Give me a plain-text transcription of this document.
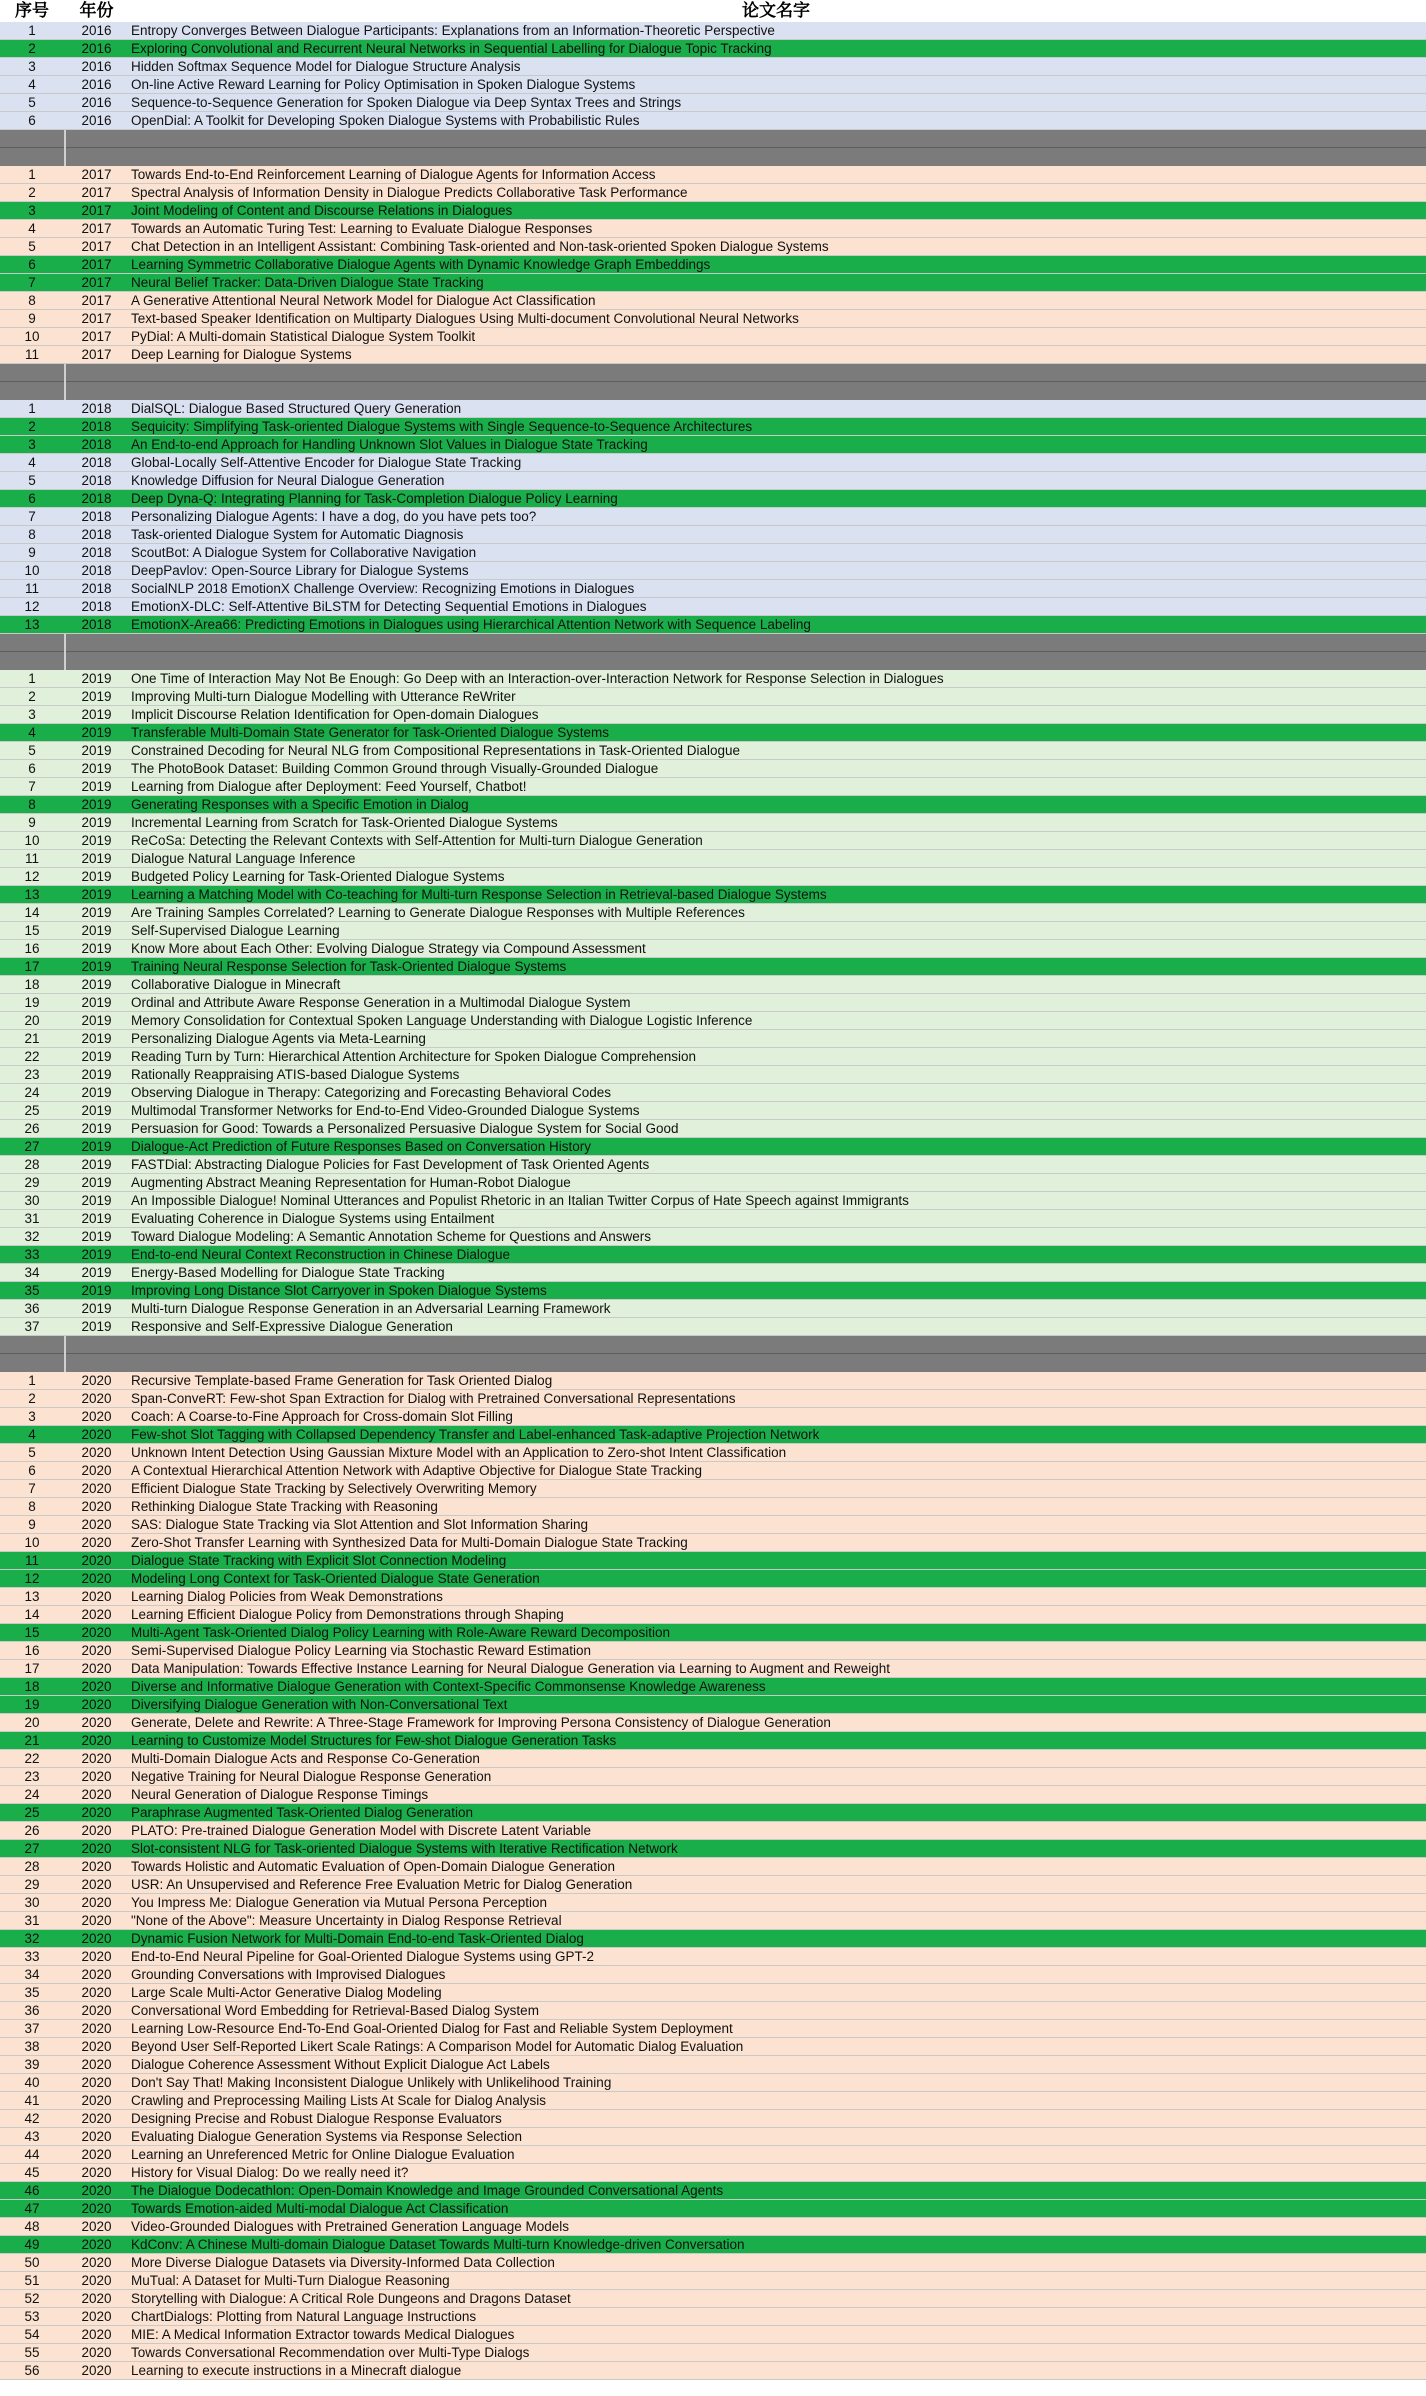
序号	年份	论文名字
1	2016	Entropy Converges Between Dialogue Participants: Explanations from an Information-Theoretic Perspective
2	2016	Exploring Convolutional and Recurrent Neural Networks in Sequential Labelling for Dialogue Topic Tracking
3	2016	Hidden Softmax Sequence Model for Dialogue Structure Analysis
4	2016	On-line Active Reward Learning for Policy Optimisation in Spoken Dialogue Systems
5	2016	Sequence-to-Sequence Generation for Spoken Dialogue via Deep Syntax Trees and Strings
6	2016	OpenDial: A Toolkit for Developing Spoken Dialogue Systems with Probabilistic Rules
1	2017	Towards End-to-End Reinforcement Learning of Dialogue Agents for Information Access
2	2017	Spectral Analysis of Information Density in Dialogue Predicts Collaborative Task Performance
3	2017	Joint Modeling of Content and Discourse Relations in Dialogues
4	2017	Towards an Automatic Turing Test: Learning to Evaluate Dialogue Responses
5	2017	Chat Detection in an Intelligent Assistant: Combining Task-oriented and Non-task-oriented Spoken Dialogue Systems
6	2017	Learning Symmetric Collaborative Dialogue Agents with Dynamic Knowledge Graph Embeddings
7	2017	Neural Belief Tracker: Data-Driven Dialogue State Tracking
8	2017	A Generative Attentional Neural Network Model for Dialogue Act Classification
9	2017	Text-based Speaker Identification on Multiparty Dialogues Using Multi-document Convolutional Neural Networks
10	2017	PyDial: A Multi-domain Statistical Dialogue System Toolkit
11	2017	Deep Learning for Dialogue Systems
1	2018	DialSQL: Dialogue Based Structured Query Generation
2	2018	Sequicity: Simplifying Task-oriented Dialogue Systems with Single Sequence-to-Sequence Architectures
3	2018	An End-to-end Approach for Handling Unknown Slot Values in Dialogue State Tracking
4	2018	Global-Locally Self-Attentive Encoder for Dialogue State Tracking
5	2018	Knowledge Diffusion for Neural Dialogue Generation
6	2018	Deep Dyna-Q: Integrating Planning for Task-Completion Dialogue Policy Learning
7	2018	Personalizing Dialogue Agents: I have a dog, do you have pets too?
8	2018	Task-oriented Dialogue System for Automatic Diagnosis
9	2018	ScoutBot: A Dialogue System for Collaborative Navigation
10	2018	DeepPavlov: Open-Source Library for Dialogue Systems
11	2018	SocialNLP 2018 EmotionX Challenge Overview: Recognizing Emotions in Dialogues
12	2018	EmotionX-DLC: Self-Attentive BiLSTM for Detecting Sequential Emotions in Dialogues
13	2018	EmotionX-Area66: Predicting Emotions in Dialogues using Hierarchical Attention Network with Sequence Labeling
1	2019	One Time of Interaction May Not Be Enough: Go Deep with an Interaction-over-Interaction Network for Response Selection in Dialogues
2	2019	Improving Multi-turn Dialogue Modelling with Utterance ReWriter
3	2019	Implicit Discourse Relation Identification for Open-domain Dialogues
4	2019	Transferable Multi-Domain State Generator for Task-Oriented Dialogue Systems
5	2019	Constrained Decoding for Neural NLG from Compositional Representations in Task-Oriented Dialogue
6	2019	The PhotoBook Dataset: Building Common Ground through Visually-Grounded Dialogue
7	2019	Learning from Dialogue after Deployment: Feed Yourself, Chatbot!
8	2019	Generating Responses with a Specific Emotion in Dialog
9	2019	Incremental Learning from Scratch for Task-Oriented Dialogue Systems
10	2019	ReCoSa: Detecting the Relevant Contexts with Self-Attention for Multi-turn Dialogue Generation
11	2019	Dialogue Natural Language Inference
12	2019	Budgeted Policy Learning for Task-Oriented Dialogue Systems
13	2019	Learning a Matching Model with Co-teaching for Multi-turn Response Selection in Retrieval-based Dialogue Systems
14	2019	Are Training Samples Correlated? Learning to Generate Dialogue Responses with Multiple References
15	2019	Self-Supervised Dialogue Learning
16	2019	Know More about Each Other: Evolving Dialogue Strategy via Compound Assessment
17	2019	Training Neural Response Selection for Task-Oriented Dialogue Systems
18	2019	Collaborative Dialogue in Minecraft
19	2019	Ordinal and Attribute Aware Response Generation in a Multimodal Dialogue System
20	2019	Memory Consolidation for Contextual Spoken Language Understanding with Dialogue Logistic Inference
21	2019	Personalizing Dialogue Agents via Meta-Learning
22	2019	Reading Turn by Turn: Hierarchical Attention Architecture for Spoken Dialogue Comprehension
23	2019	Rationally Reappraising ATIS-based Dialogue Systems
24	2019	Observing Dialogue in Therapy: Categorizing and Forecasting Behavioral Codes
25	2019	Multimodal Transformer Networks for End-to-End Video-Grounded Dialogue Systems
26	2019	Persuasion for Good: Towards a Personalized Persuasive Dialogue System for Social Good
27	2019	Dialogue-Act Prediction of Future Responses Based on Conversation History
28	2019	FASTDial: Abstracting Dialogue Policies for Fast Development of Task Oriented Agents
29	2019	Augmenting Abstract Meaning Representation for Human-Robot Dialogue
30	2019	An Impossible Dialogue! Nominal Utterances and Populist Rhetoric in an Italian Twitter Corpus of Hate Speech against Immigrants
31	2019	Evaluating Coherence in Dialogue Systems using Entailment
32	2019	Toward Dialogue Modeling: A Semantic Annotation Scheme for Questions and Answers
33	2019	End-to-end Neural Context Reconstruction in Chinese Dialogue
34	2019	Energy-Based Modelling for Dialogue State Tracking
35	2019	Improving Long Distance Slot Carryover in Spoken Dialogue Systems
36	2019	Multi-turn Dialogue Response Generation in an Adversarial Learning Framework
37	2019	Responsive and Self-Expressive Dialogue Generation
1	2020	Recursive Template-based Frame Generation for Task Oriented Dialog
2	2020	Span-ConveRT: Few-shot Span Extraction for Dialog with Pretrained Conversational Representations
3	2020	Coach: A Coarse-to-Fine Approach for Cross-domain Slot Filling
4	2020	Few-shot Slot Tagging with Collapsed Dependency Transfer and Label-enhanced Task-adaptive Projection Network
5	2020	Unknown Intent Detection Using Gaussian Mixture Model with an Application to Zero-shot Intent Classification
6	2020	A Contextual Hierarchical Attention Network with Adaptive Objective for Dialogue State Tracking
7	2020	Efficient Dialogue State Tracking by Selectively Overwriting Memory
8	2020	Rethinking Dialogue State Tracking with Reasoning
9	2020	SAS: Dialogue State Tracking via Slot Attention and Slot Information Sharing
10	2020	Zero-Shot Transfer Learning with Synthesized Data for Multi-Domain Dialogue State Tracking
11	2020	Dialogue State Tracking with Explicit Slot Connection Modeling
12	2020	Modeling Long Context for Task-Oriented Dialogue State Generation
13	2020	Learning Dialog Policies from Weak Demonstrations
14	2020	Learning Efficient Dialogue Policy from Demonstrations through Shaping
15	2020	Multi-Agent Task-Oriented Dialog Policy Learning with Role-Aware Reward Decomposition
16	2020	Semi-Supervised Dialogue Policy Learning via Stochastic Reward Estimation
17	2020	Data Manipulation: Towards Effective Instance Learning for Neural Dialogue Generation via Learning to Augment and Reweight
18	2020	Diverse and Informative Dialogue Generation with Context-Specific Commonsense Knowledge Awareness
19	2020	Diversifying Dialogue Generation with Non-Conversational Text
20	2020	Generate, Delete and Rewrite: A Three-Stage Framework for Improving Persona Consistency of Dialogue Generation
21	2020	Learning to Customize Model Structures for Few-shot Dialogue Generation Tasks
22	2020	Multi-Domain Dialogue Acts and Response Co-Generation
23	2020	Negative Training for Neural Dialogue Response Generation
24	2020	Neural Generation of Dialogue Response Timings
25	2020	Paraphrase Augmented Task-Oriented Dialog Generation
26	2020	PLATO: Pre-trained Dialogue Generation Model with Discrete Latent Variable
27	2020	Slot-consistent NLG for Task-oriented Dialogue Systems with Iterative Rectification Network
28	2020	Towards Holistic and Automatic Evaluation of Open-Domain Dialogue Generation
29	2020	USR: An Unsupervised and Reference Free Evaluation Metric for Dialog Generation
30	2020	You Impress Me: Dialogue Generation via Mutual Persona Perception
31	2020	"None of the Above": Measure Uncertainty in Dialog Response Retrieval
32	2020	Dynamic Fusion Network for Multi-Domain End-to-end Task-Oriented Dialog
33	2020	End-to-End Neural Pipeline for Goal-Oriented Dialogue Systems using GPT-2
34	2020	Grounding Conversations with Improvised Dialogues
35	2020	Large Scale Multi-Actor Generative Dialog Modeling
36	2020	Conversational Word Embedding for Retrieval-Based Dialog System
37	2020	Learning Low-Resource End-To-End Goal-Oriented Dialog for Fast and Reliable System Deployment
38	2020	Beyond User Self-Reported Likert Scale Ratings: A Comparison Model for Automatic Dialog Evaluation
39	2020	Dialogue Coherence Assessment Without Explicit Dialogue Act Labels
40	2020	Don't Say That! Making Inconsistent Dialogue Unlikely with Unlikelihood Training
41	2020	Crawling and Preprocessing Mailing Lists At Scale for Dialog Analysis
42	2020	Designing Precise and Robust Dialogue Response Evaluators
43	2020	Evaluating Dialogue Generation Systems via Response Selection
44	2020	Learning an Unreferenced Metric for Online Dialogue Evaluation
45	2020	History for Visual Dialog: Do we really need it?
46	2020	The Dialogue Dodecathlon: Open-Domain Knowledge and Image Grounded Conversational Agents
47	2020	Towards Emotion-aided Multi-modal Dialogue Act Classification
48	2020	Video-Grounded Dialogues with Pretrained Generation Language Models
49	2020	KdConv: A Chinese Multi-domain Dialogue Dataset Towards Multi-turn Knowledge-driven Conversation
50	2020	More Diverse Dialogue Datasets via Diversity-Informed Data Collection
51	2020	MuTual: A Dataset for Multi-Turn Dialogue Reasoning
52	2020	Storytelling with Dialogue: A Critical Role Dungeons and Dragons Dataset
53	2020	ChartDialogs: Plotting from Natural Language Instructions
54	2020	MIE: A Medical Information Extractor towards Medical Dialogues
55	2020	Towards Conversational Recommendation over Multi-Type Dialogs
56	2020	Learning to execute instructions in a Minecraft dialogue
